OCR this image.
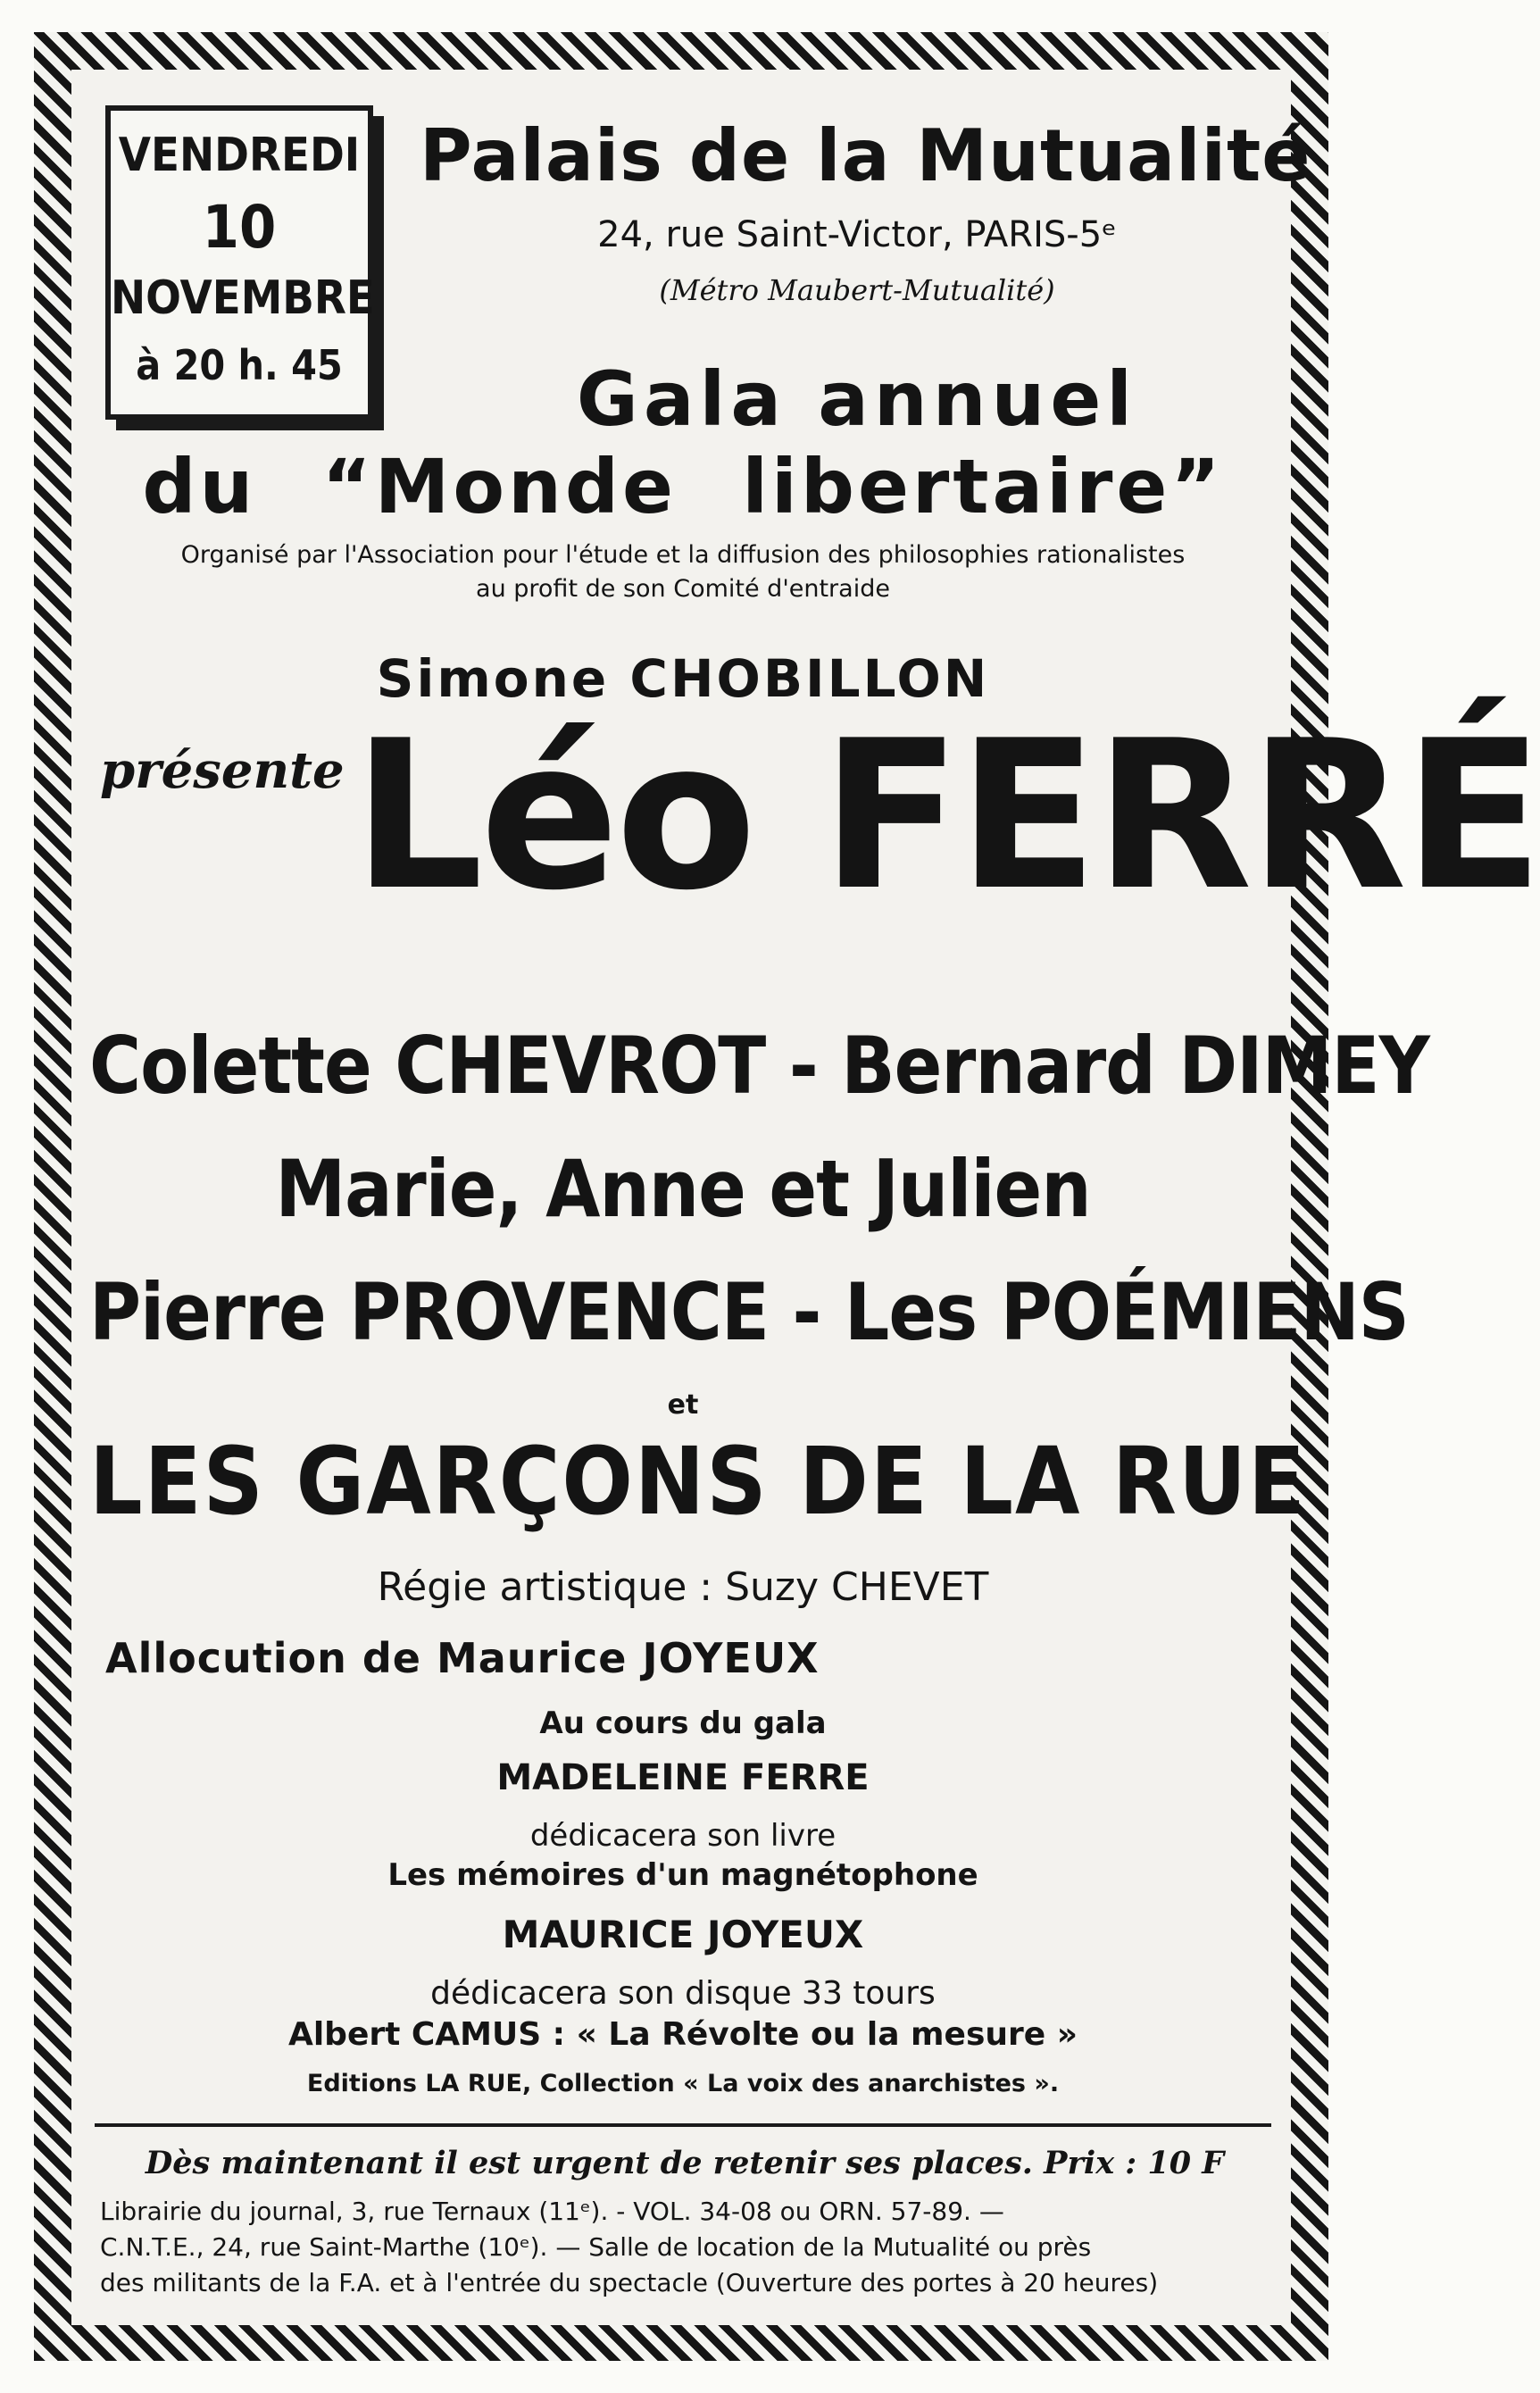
VENDREDI
10
NOVEMBRE
à 20 h. 45
Palais de la Mutualité
24, rue Saint-Victor, PARIS-5ᵉ
(Métro Maubert-Mutualité)
Gala annuel
du “Monde libertaire”
Organisé par l'Association pour l'étude et la diffusion des philosophies rationalistes
au profit de son Comité d'entraide
Simone CHOBILLON
présente Léo FERRÉ
Colette CHEVROT - Bernard DIMEY
Marie, Anne et Julien
Pierre PROVENCE - Les POÉMIENS
et
LES GARÇONS DE LA RUE
Régie artistique : Suzy CHEVET
Allocution de Maurice JOYEUX
Au cours du gala
MADELEINE FERRE
dédicacera son livre
Les mémoires d'un magnétophone
MAURICE JOYEUX
dédicacera son disque 33 tours
Albert CAMUS : « La Révolte ou la mesure »
Editions LA RUE, Collection « La voix des anarchistes ».
Dès maintenant il est urgent de retenir ses places. Prix : 10 F
Librairie du journal, 3, rue Ternaux (11ᵉ). - VOL. 34-08 ou ORN. 57-89. —
C.N.T.E., 24, rue Saint-Marthe (10ᵉ). — Salle de location de la Mutualité ou près
des militants de la F.A. et à l'entrée du spectacle (Ouverture des portes à 20 heures)
